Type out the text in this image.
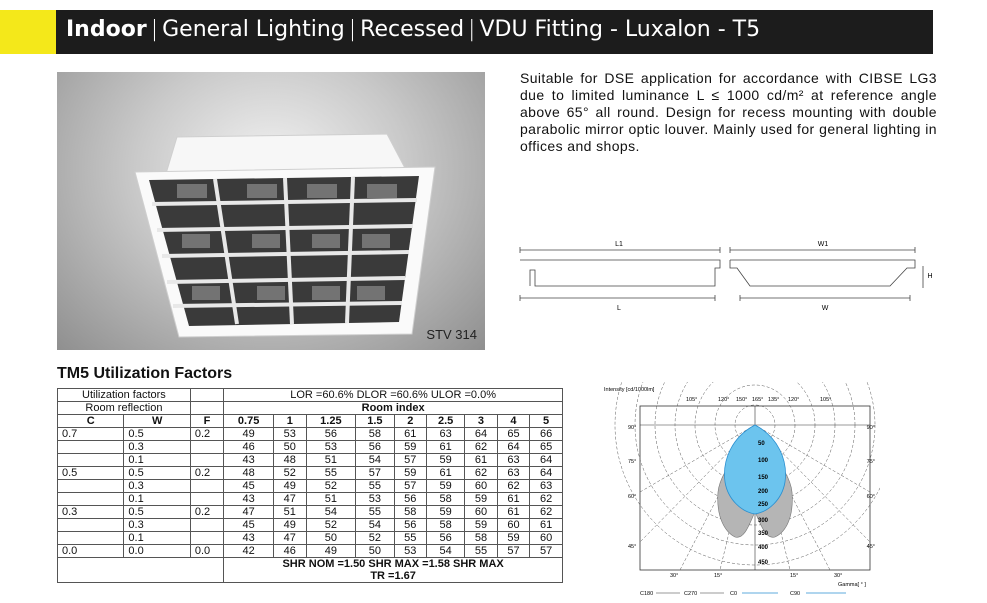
Indoor | General Lighting | Recessed | VDU Fitting - Luxalon - T5
STV 314
Suitable for DSE application for accordance with CIBSE LG3 due to limited luminance L ≤ 1000 cd/m² at reference angle above 65° all round. Design for recess mounting with double parabolic mirror optic louver. Mainly used for general lighting in offices and shops.
L1	W1
H
L	W
TM5 Utilization Factors
Utilization factors			LOR =60.6% DLOR =60.6% ULOR =0.0%								
Room reflection			Room index								
C	W	F	0.75	1	1.25	1.5	2	2.5	3	4	5
0.7	0.5	0.2	49	53	56	58	61	63	64	65	66
	0.3		46	50	53	56	59	61	62	64	65
	0.1		43	48	51	54	57	59	61	63	64
0.5	0.5	0.2	48	52	55	57	59	61	62	63	64
	0.3		45	49	52	55	57	59	60	62	63
	0.1		43	47	51	53	56	58	59	61	62
0.3	0.5	0.2	47	51	54	55	58	59	60	61	62
	0.3		45	49	52	54	56	58	59	60	61
	0.1		43	47	50	52	55	56	58	59	60
0.0	0.0	0.0	42	46	49	50	53	54	55	57	57
			SHR NOM =1.50 SHR MAX =1.58 SHR MAX								
			TR =1.67								
Intensity [cd/1000lm]
105°	120° 150° 165° 135° 120°	105°
90°
75°
60°
45°
90°
75°
60°
45°
30°	15°	15°	30°
Gamma[ ° ]
50
100
150
200
250
300
350
400
450
C180	C270	C0	C90
